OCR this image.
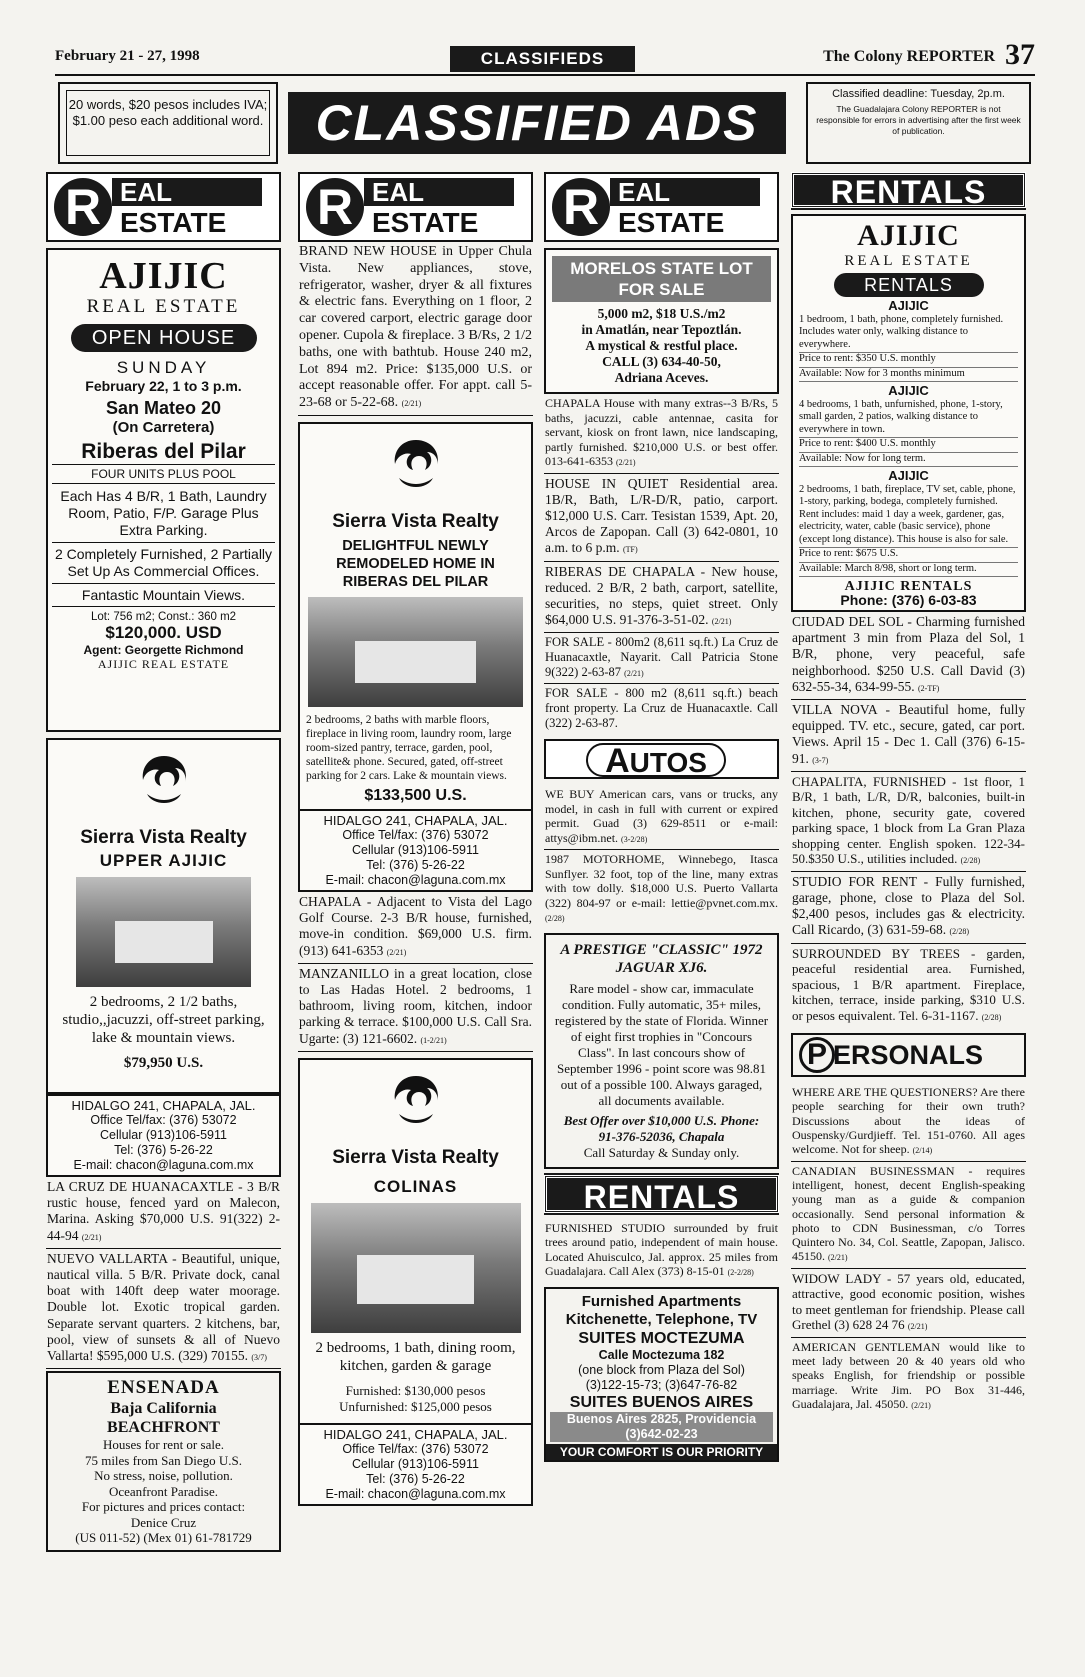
February 21 - 27, 1998	CLASSIFIEDS	The Colony REPORTER 37
20 words, $20 pesos includes IVA; $1.00 peso each additional word.	CLASSIFIED ADS
Classified deadline: Tuesday, 2p.m.
The Guadalajara Colony REPORTER is not responsible for errors in advertising after the first week of publication.
R EAL
ESTATE
AJIJIC
REAL ESTATE
OPEN HOUSE
SUNDAY
February 22, 1 to 3 p.m.
San Mateo 20
(On Carretera)
Riberas del Pilar
FOUR UNITS PLUS POOL
Each Has 4 B/R, 1 Bath, Laundry Room, Patio, F/P. Garage Plus Extra Parking.
2 Completely Furnished, 2 Partially Set Up As Commercial Offices.
Fantastic Mountain Views.
Lot: 756 m2; Const.: 360 m2
$120,000. USD
Agent: Georgette Richmond
AJIJIC REAL ESTATE
Sierra Vista Realty
UPPER AJIJIC
2 bedrooms, 2 1/2 baths, studio,,jacuzzi, off-street parking, lake & mountain views.
$79,950 U.S.
HIDALGO 241, CHAPALA, JAL.
Office Tel/fax: (376) 53072
Cellular (913)106-5911
Tel: (376) 5-26-22
E-mail: chacon@laguna.com.mx
LA CRUZ DE HUANACAXTLE - 3 B/R rustic house, fenced yard on Malecon, Marina. Asking $70,000 U.S. 91(322) 2-44-94 (2/21)
NUEVO VALLARTA - Beautiful, unique, nautical villa. 5 B/R. Private dock, canal boat with 140ft deep water moorage. Double lot. Exotic tropical garden. Separate servant quarters. 2 kitchens, bar, pool, view of sunsets & all of Nuevo Vallarta! $595,000 U.S. (329) 70155. (3/7)
ENSENADA
Baja California
BEACHFRONT
Houses for rent or sale.
75 miles from San Diego U.S.
No stress, noise, pollution.
Oceanfront Paradise.
For pictures and prices contact:
Denice Cruz
(US 011-52) (Mex 01) 61-781729
R EAL
ESTATE
BRAND NEW HOUSE in Upper Chula Vista. New appliances, stove, refrigerator, washer, dryer & all fixtures & electric fans. Everything on 1 floor, 2 car covered carport, electric garage door opener. Cupola & fireplace. 3 B/Rs, 2 1/2 baths, one with bathtub. House 240 m2, Lot 894 m2. Price: $135,000 U.S. or accept reasonable offer. For appt. call 5-23-68 or 5-22-68. (2/21)
Sierra Vista Realty
DELIGHTFUL NEWLY REMODELED HOME IN RIBERAS DEL PILAR
2 bedrooms, 2 baths with marble floors, fireplace in living room, laundry room, large room-sized pantry, terrace, garden, pool, satellite& phone. Secured, gated, off-street parking for 2 cars. Lake & mountain views.
$133,500 U.S.
HIDALGO 241, CHAPALA, JAL.
Office Tel/fax: (376) 53072
Cellular (913)106-5911
Tel: (376) 5-26-22
E-mail: chacon@laguna.com.mx
CHAPALA - Adjacent to Vista del Lago Golf Course. 2-3 B/R house, furnished, move-in condition. $69,000 U.S. firm. (913) 641-6353 (2/21)
MANZANILLO in a great location, close to Las Hadas Hotel. 2 bedrooms, 1 bathroom, living room, kitchen, indoor parking & terrace. $100,000 U.S. Call Sra. Ugarte: (3) 121-6602. (1-2/21)
Sierra Vista Realty
COLINAS
2 bedrooms, 1 bath, dining room, kitchen, garden & garage
Furnished: $130,000 pesos
Unfurnished: $125,000 pesos
HIDALGO 241, CHAPALA, JAL.
Office Tel/fax: (376) 53072
Cellular (913)106-5911
Tel: (376) 5-26-22
E-mail: chacon@laguna.com.mx
R EAL
ESTATE
MORELOS STATE LOT FOR SALE
5,000 m2, $18 U.S./m2
in Amatlán, near Tepoztlán.
A mystical & restful place.
CALL (3) 634-40-50,
Adriana Aceves.
CHAPALA House with many extras--3 B/Rs, 5 baths, jacuzzi, cable antennae, casita for servant, kiosk on front lawn, nice landscaping, partly furnished. $210,000 U.S. or best offer. 013-641-6353 (2/21)
HOUSE IN QUIET Residential area. 1B/R, Bath, L/R-D/R, patio, carport. $12,000 U.S. Carr. Tesistan 1539, Apt. 20, Arcos de Zapopan. Call (3) 642-0801, 10 a.m. to 6 p.m. (TF)
RIBERAS DE CHAPALA - New house, reduced. 2 B/R, 2 bath, carport, satellite, securities, no steps, quiet street. Only $64,000 U.S. 91-376-3-51-02. (2/21)
FOR SALE - 800m2 (8,611 sq.ft.) La Cruz de Huanacaxtle, Nayarit. Call Patricia Stone 9(322) 2-63-87 (2/21)
FOR SALE - 800 m2 (8,611 sq.ft.) beach front property. La Cruz de Huanacaxtle. Call (322) 2-63-87.
AUTOS
WE BUY American cars, vans or trucks, any model, in cash in full with current or expired permit. Guad (3) 629-8511 or e-mail: attys@ibm.net. (3-2/28)
1987 MOTORHOME, Winnebego, Itasca Sunflyer. 32 foot, top of the line, many extras with tow dolly. $18,000 U.S. Puerto Vallarta (322) 804-97 or e-mail: lettie@pvnet.com.mx. (2/28)
A PRESTIGE "CLASSIC" 1972 JAGUAR XJ6.
Rare model - show car, immaculate condition. Fully automatic, 35+ miles, registered by the state of Florida. Winner of eight first trophies in "Concours Class". In last concours show of September 1996 - point score was 98.81 out of a possible 100. Always garaged, all documents available.
Best Offer over $10,000 U.S. Phone: 91-376-52036, Chapala
Call Saturday & Sunday only.
RENTALS
FURNISHED STUDIO surrounded by fruit trees around patio, independent of main house. Located Ahuisculco, Jal. approx. 25 miles from Guadalajara. Call Alex (373) 8-15-01 (2-2/28)
Furnished Apartments
Kitchenette, Telephone, TV
SUITES MOCTEZUMA
Calle Moctezuma 182
(one block from Plaza del Sol)
(3)122-15-73; (3)647-76-82
SUITES BUENOS AIRES
Buenos Aires 2825, Providencia
(3)642-02-23
YOUR COMFORT IS OUR PRIORITY
RENTALS
AJIJIC
REAL ESTATE
RENTALS
AJIJIC

1 bedroom, 1 bath, phone, completely furnished. Includes water only, walking distance to everywhere.

Price to rent: $350 U.S. monthly

Available: Now for 3 months minimum

AJIJIC

4 bedrooms, 1 bath, unfurnished, phone, 1-story, small garden, 2 patios, walking distance to everywhere in town.

Price to rent: $400 U.S. monthly

Available: Now for long term.

AJIJIC

2 bedrooms, 1 bath, fireplace, TV set, cable, phone, 1-story, parking, bodega, completely furnished. Rent includes: maid 1 day a week, gardener, gas, electricity, water, cable (basic service), phone (except long distance). This house is also for sale.

Price to rent: $675 U.S.

Available: March 8/98, short or long term.

AJIJIC RENTALS
Phone: (376) 6-03-83
CIUDAD DEL SOL - Charming furnished apartment 3 min from Plaza del Sol, 1 B/R, phone, very peaceful, safe neighborhood. $250 U.S. Call David (3) 632-55-34, 634-99-55. (2-TF)
VILLA NOVA - Beautiful home, fully equipped. TV. etc., secure, gated, car port. Views. April 15 - Dec 1. Call (376) 6-15-91. (3-7)
CHAPALITA, FURNISHED - 1st floor, 1 B/R, 1 bath, L/R, D/R, balconies, built-in kitchen, phone, security gate, covered parking space, 1 block from La Gran Plaza shopping center. English spoken. 122-34-50.$350 U.S., utilities included. (2/28)
STUDIO FOR RENT - Fully furnished, garage, phone, close to Plaza del Sol. $2,400 pesos, includes gas & electricity. Call Ricardo, (3) 631-59-68. (2/28)
SURROUNDED BY TREES - garden, peaceful residential area. Furnished, spacious, 1 B/R apartment. Fireplace, kitchen, terrace, inside parking, $310 U.S. or pesos equivalent. Tel. 6-31-1167. (2/28)
P ERSONALS
WHERE ARE THE QUESTIONERS? Are there people searching for their own truth? Discussions about the ideas of Ouspensky/Gurdjieff. Tel. 151-0760. All ages welcome. Not for sheep. (2/14)
CANADIAN BUSINESSMAN - requires intelligent, honest, decent English-speaking young man as a guide & companion occasionally. Send personal information & photo to CDN Businessman, c/o Torres Quintero No. 34, Col. Seattle, Zapopan, Jalisco. 45150. (2/21)
WIDOW LADY - 57 years old, educated, attractive, good economic position, wishes to meet gentleman for friendship. Please call Grethel (3) 628 24 76 (2/21)
AMERICAN GENTLEMAN would like to meet lady between 20 & 40 years old who speaks English, for friendship or possible marriage. Write Jim. PO Box 31-446, Guadalajara, Jal. 45050. (2/21)
